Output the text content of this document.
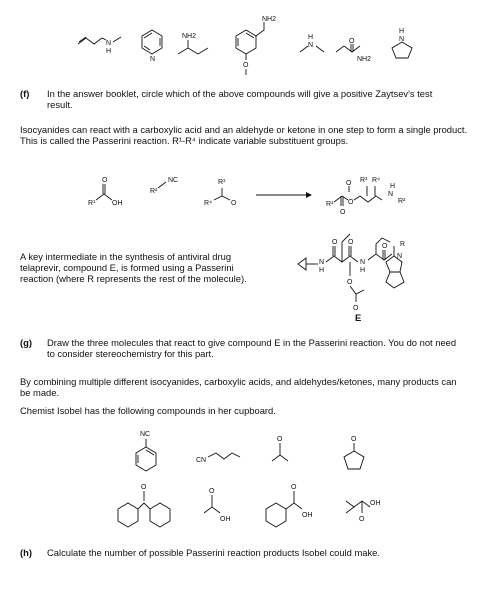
N
H
N
NH2
NH2
O
H
N
O
NH2
H
N
(f) In the answer booklet, circle which of the above compounds will give a positive Zaytsev's test result.
Isocyanides can react with a carboxylic acid and an aldehyde or ketone in one step to form a single product. This is called the Passerini reaction. R¹-R⁴ indicate variable substituent groups.
O
R¹ OH
NC
R²
R³
R⁴	O	R¹ O
O
R³ R⁴
O	H
N
R²
A key intermediate in the synthesis of antiviral drug telaprevir, compound E, is formed using a Passerini reaction (where R represents the rest of the molecule).
N
H
O O
O
O
N
H
O
N
R
E
(g) Draw the three molecules that react to give compound E in the Passerini reaction. You do not need to consider stereochemistry for this part.
By combining multiple different isocyanides, carboxylic acids, and aldehydes/ketones, many products can be made.
Chemist Isobel has the following compounds in her cupboard.
NC
CN
O	O
O
O
OH
O
OH
O
OH
(h) Calculate the number of possible Passerini reaction products Isobel could make.
